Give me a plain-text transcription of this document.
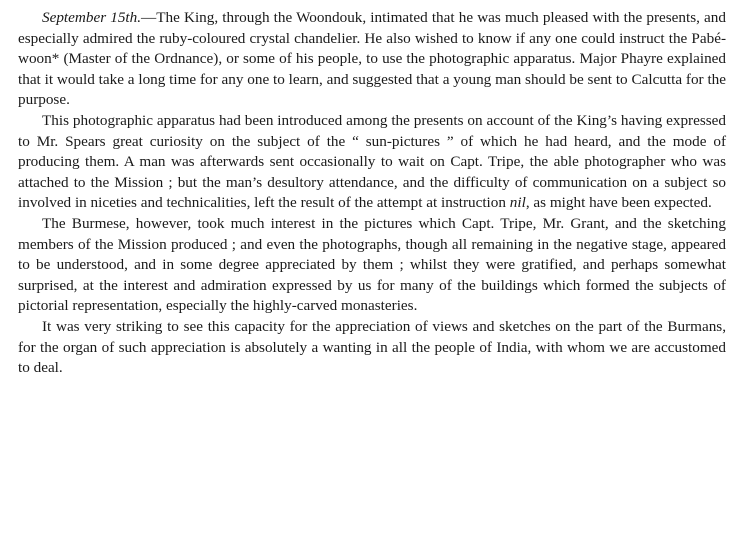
September 15th.—The King, through the Woondouk, intimated that he was much pleased with the presents, and especially admired the ruby-coloured crystal chandelier. He also wished to know if any one could instruct the Pabé-woon* (Master of the Ordnance), or some of his people, to use the photographic apparatus. Major Phayre explained that it would take a long time for any one to learn, and suggested that a young man should be sent to Calcutta for the purpose.

This photographic apparatus had been introduced among the presents on account of the King’s having expressed to Mr. Spears great curiosity on the subject of the “ sun-pictures ” of which he had heard, and the mode of producing them. A man was afterwards sent occasionally to wait on Capt. Tripe, the able photographer who was attached to the Mission ; but the man’s desultory attendance, and the difficulty of communication on a subject so involved in niceties and technicalities, left the result of the attempt at instruction nil, as might have been expected.

The Burmese, however, took much interest in the pictures which Capt. Tripe, Mr. Grant, and the sketching members of the Mission produced ; and even the photographs, though all remaining in the negative stage, appeared to be understood, and in some degree appreciated by them ; whilst they were gratified, and perhaps somewhat surprised, at the interest and admiration expressed by us for many of the buildings which formed the subjects of pictorial representation, especially the highly-carved monasteries.

It was very striking to see this capacity for the appreciation of views and sketches on the part of the Burmans, for the organ of such appreciation is absolutely a wanting in all the people of India, with whom we are accustomed to deal.
